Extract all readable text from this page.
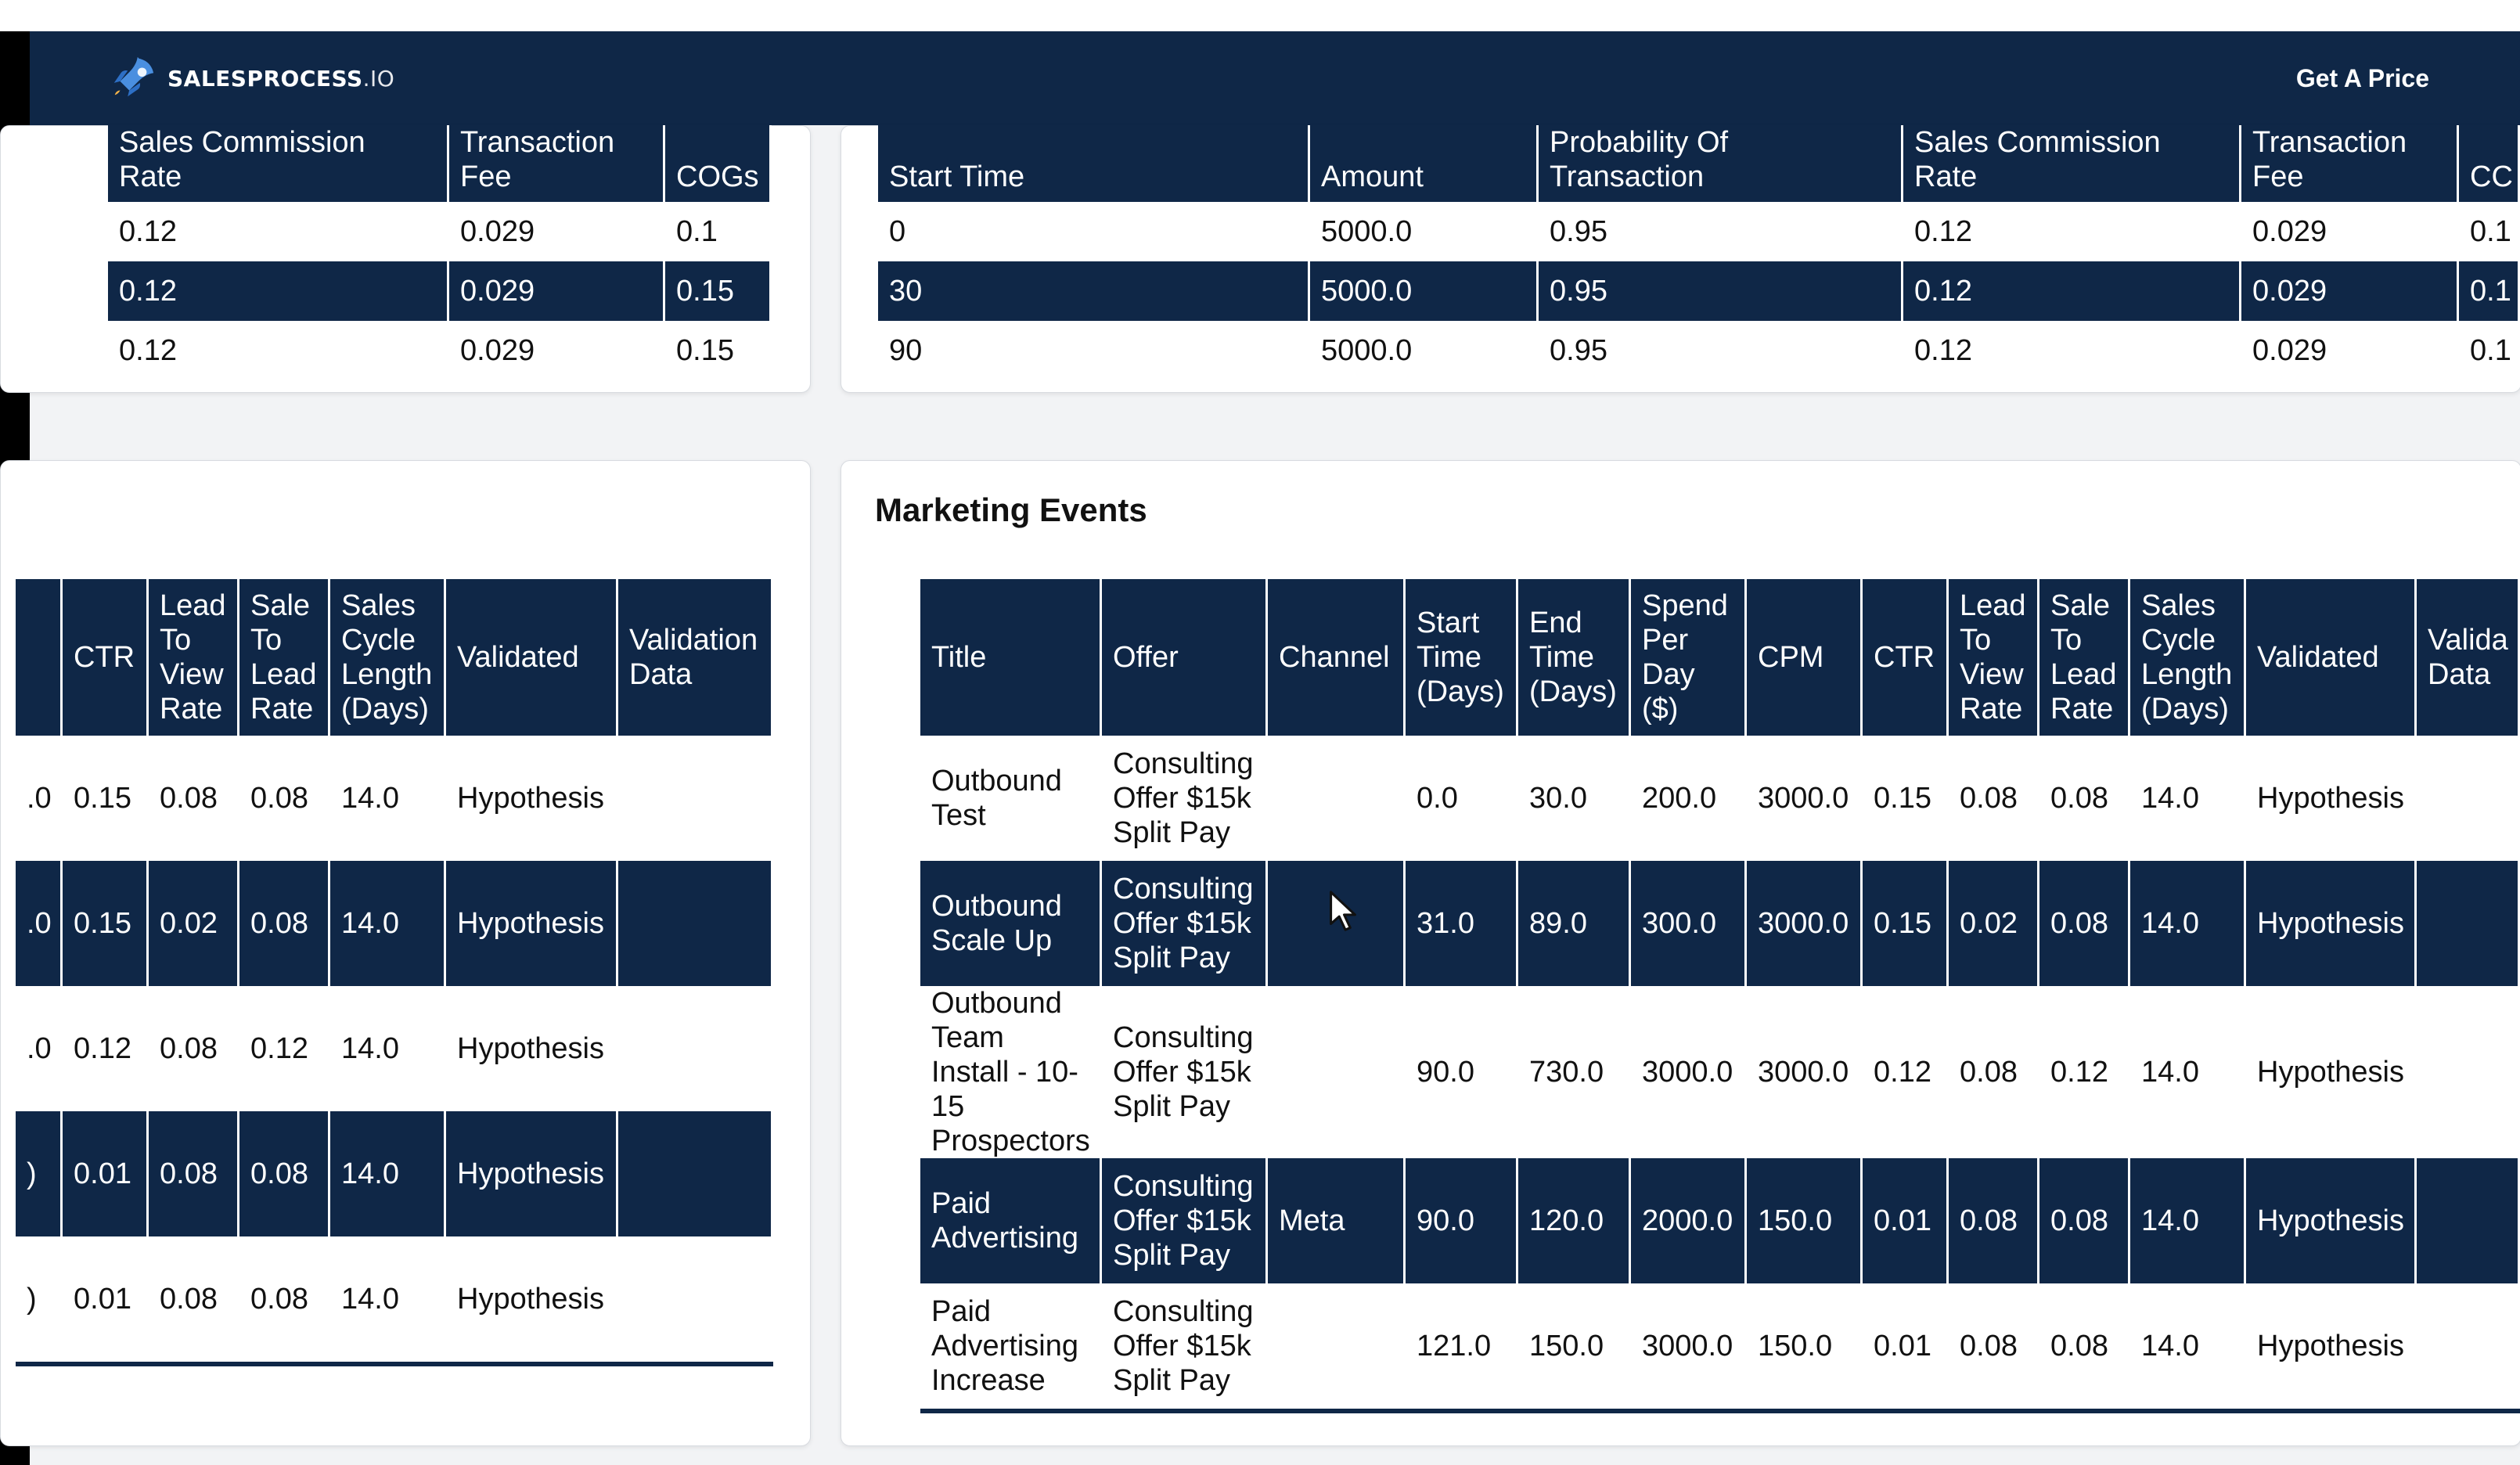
SALESPROCESS.IO	Get A Price
Marketing Events
Sales Commission Rate	Transaction Fee	COGs
0.12	0.029	0.1
0.12	0.029	0.15
0.12	0.029	0.15
Start Time	Amount	Probability Of Transaction	Sales Commission Rate	Transaction Fee	CC
0	5000.0	0.95	0.12	0.029	0.1
30	5000.0	0.95	0.12	0.029	0.1
90	5000.0	0.95	0.12	0.029	0.1
	CTR	Lead To View Rate	Sale To Lead Rate	Sales Cycle Length (Days)	Validated	Validation Data
.0	0.15	0.08	0.08	14.0	Hypothesis	
.0	0.15	0.02	0.08	14.0	Hypothesis	
.0	0.12	0.08	0.12	14.0	Hypothesis	
)	0.01	0.08	0.08	14.0	Hypothesis	
)	0.01	0.08	0.08	14.0	Hypothesis	
Title	Offer	Channel	Start Time (Days)	End Time (Days)	Spend Per Day ($)	CPM	CTR	Lead To View Rate	Sale To Lead Rate	Sales Cycle Length (Days)	Validated	Valida Data
Outbound Test	Consulting Offer $15k Split Pay		0.0	30.0	200.0	3000.0	0.15	0.08	0.08	14.0	Hypothesis	
Outbound Scale Up	Consulting Offer $15k Split Pay		31.0	89.0	300.0	3000.0	0.15	0.02	0.08	14.0	Hypothesis	
Outbound Team Install - 10-15 Prospectors	Consulting Offer $15k Split Pay		90.0	730.0	3000.0	3000.0	0.12	0.08	0.12	14.0	Hypothesis	
Paid Advertising	Consulting Offer $15k Split Pay	Meta	90.0	120.0	2000.0	150.0	0.01	0.08	0.08	14.0	Hypothesis	
Paid Advertising Increase	Consulting Offer $15k Split Pay		121.0	150.0	3000.0	150.0	0.01	0.08	0.08	14.0	Hypothesis	
